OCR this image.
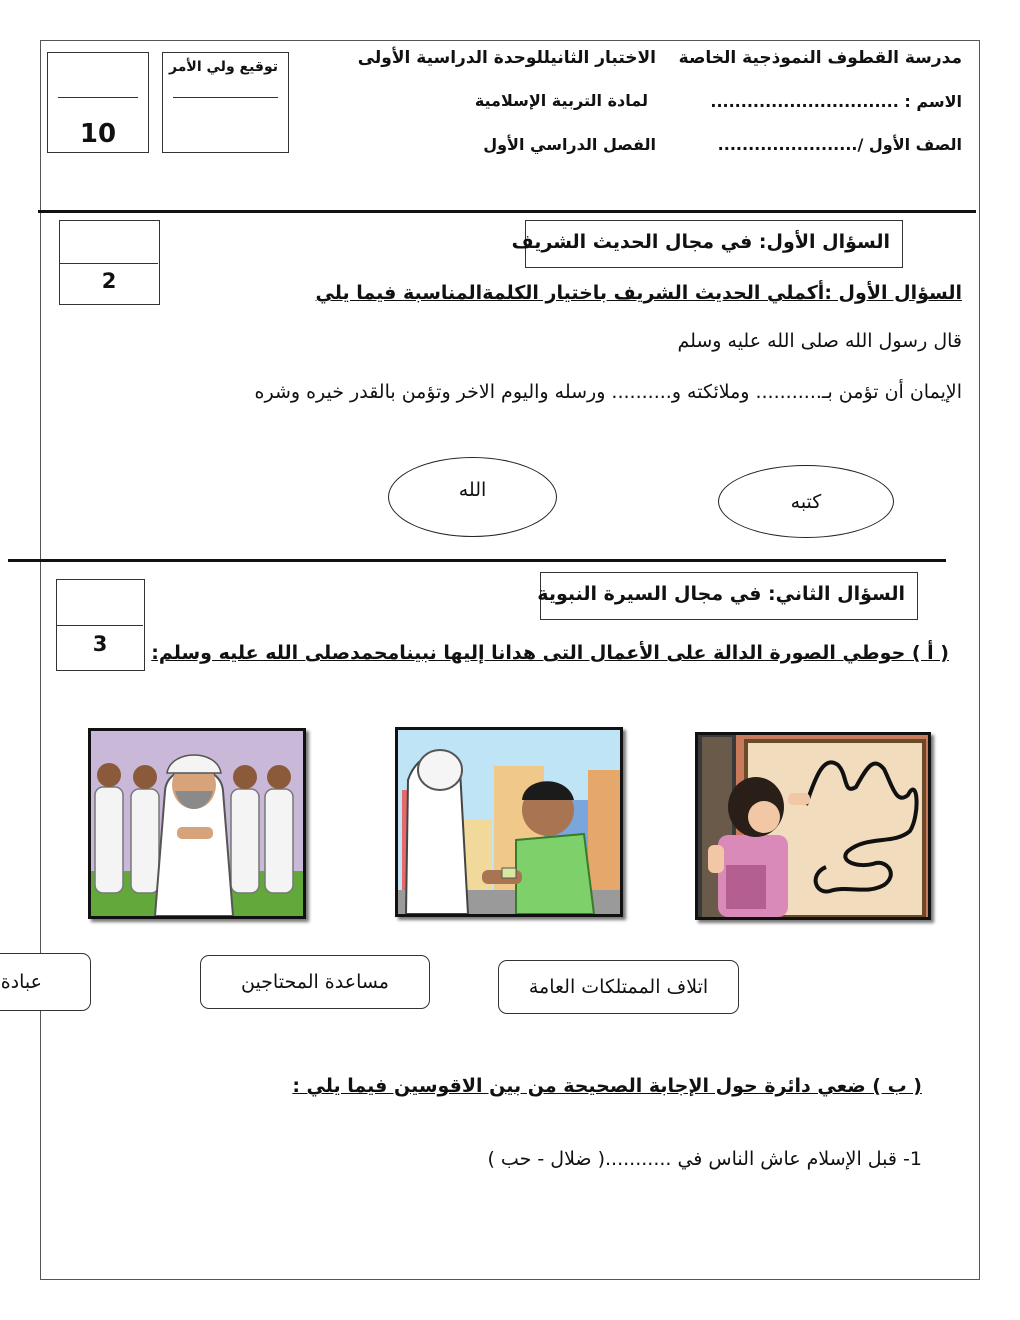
10
توقيع ولي الأمر	مدرسة القطوف النموذجية الخاصة
الاختبار الثانيللوحدة الدراسية الأولى
الاسم : ...............................
لمادة التربية الإسلامية
الصف الأول /.......................
الفصل الدراسي الأول
2
السؤال الأول: في مجال الحديث الشريف
السؤال الأول :أكملي الحديث الشريف باختيار الكلمةالمناسبة فيما يلي
قال رسول الله صلى الله عليه وسلم
الإيمان أن تؤمن بـ........... وملائكته و.......... ورسله واليوم الاخر وتؤمن بالقدر خيره وشره
كتبه
الله
3
السؤال الثاني: في مجال السيرة النبوية
( أ ) حوطي الصورة الدالة على الأعمال التى هدانا إليها نبينامحمدصلى الله عليه وسلم:
اتلاف الممتلكات العامة
مساعدة المحتاجين
عبادة
( ب ) ضعي دائرة حول الإجابة الصحيحة من بين الاقوسين فيما يلي :
1- قبل الإسلام عاش الناس في ...........( ضلال - حب )
